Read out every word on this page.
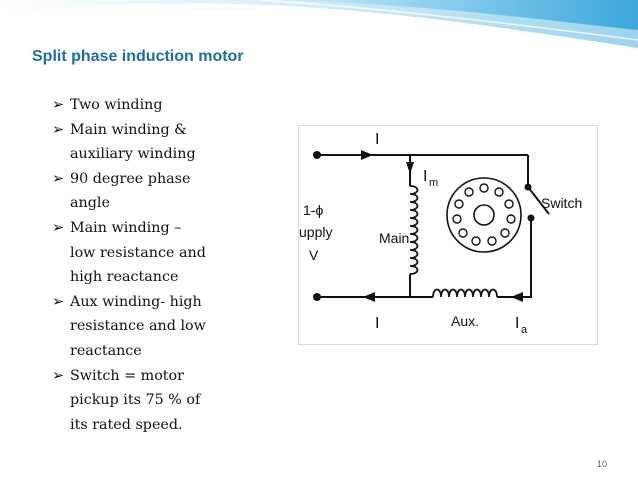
Split phase induction motor
➢ Two winding
➢ Main winding &
auxiliary winding
➢ 90 degree phase
angle
➢ Main winding –
low resistance and
high reactance
➢ Aux winding- high
resistance and low
reactance
➢ Switch = motor
pickup its 75 % of
its rated speed.
I
I
1-ϕ
upply
V
I m
Main
Switch
Aux. I a
10
